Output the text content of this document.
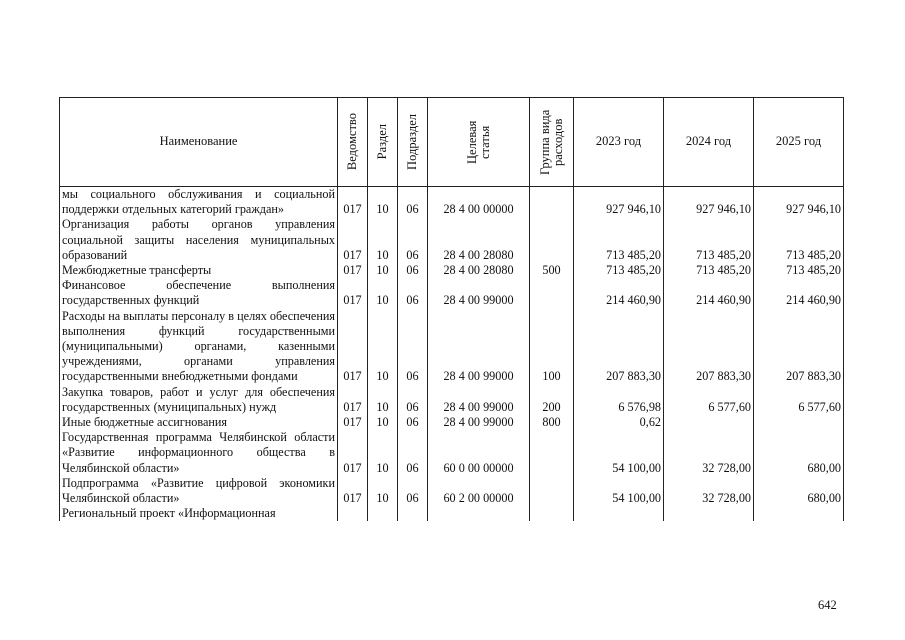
Наименование	Ведомство	Раздел	Подраздел	Целевая статья	Группа вида расходов	2023 год	2024 год	2025 год
мы социального обслуживания и социальной поддержки отдельных категорий граждан»	017	10	06	28 4 00 00000		927 946,10	927 946,10	927 946,10
Организация работы органов управления социальной защиты населения муниципальных образований	017	10	06	28 4 00 28080		713 485,20	713 485,20	713 485,20
Межбюджетные трансферты	017	10	06	28 4 00 28080	500	713 485,20	713 485,20	713 485,20
Финансовое обеспечение выполнения государственных функций	017	10	06	28 4 00 99000		214 460,90	214 460,90	214 460,90
Расходы на выплаты персоналу в целях обеспечения выполнения функций государственными (муниципальными) органами, казенными учреждениями, органами управления государственными внебюджетными фондами	017	10	06	28 4 00 99000	100	207 883,30	207 883,30	207 883,30
Закупка товаров, работ и услуг для обеспечения государственных (муниципальных) нужд	017	10	06	28 4 00 99000	200	6 576,98	6 577,60	6 577,60
Иные бюджетные ассигнования	017	10	06	28 4 00 99000	800	0,62		
Государственная программа Челябинской области «Развитие информационного общества в Челябинской области»	017	10	06	60 0 00 00000		54 100,00	32 728,00	680,00
Подпрограмма «Развитие цифровой экономики Челябинской области»	017	10	06	60 2 00 00000		54 100,00	32 728,00	680,00
Региональный проект «Информационная								
642
